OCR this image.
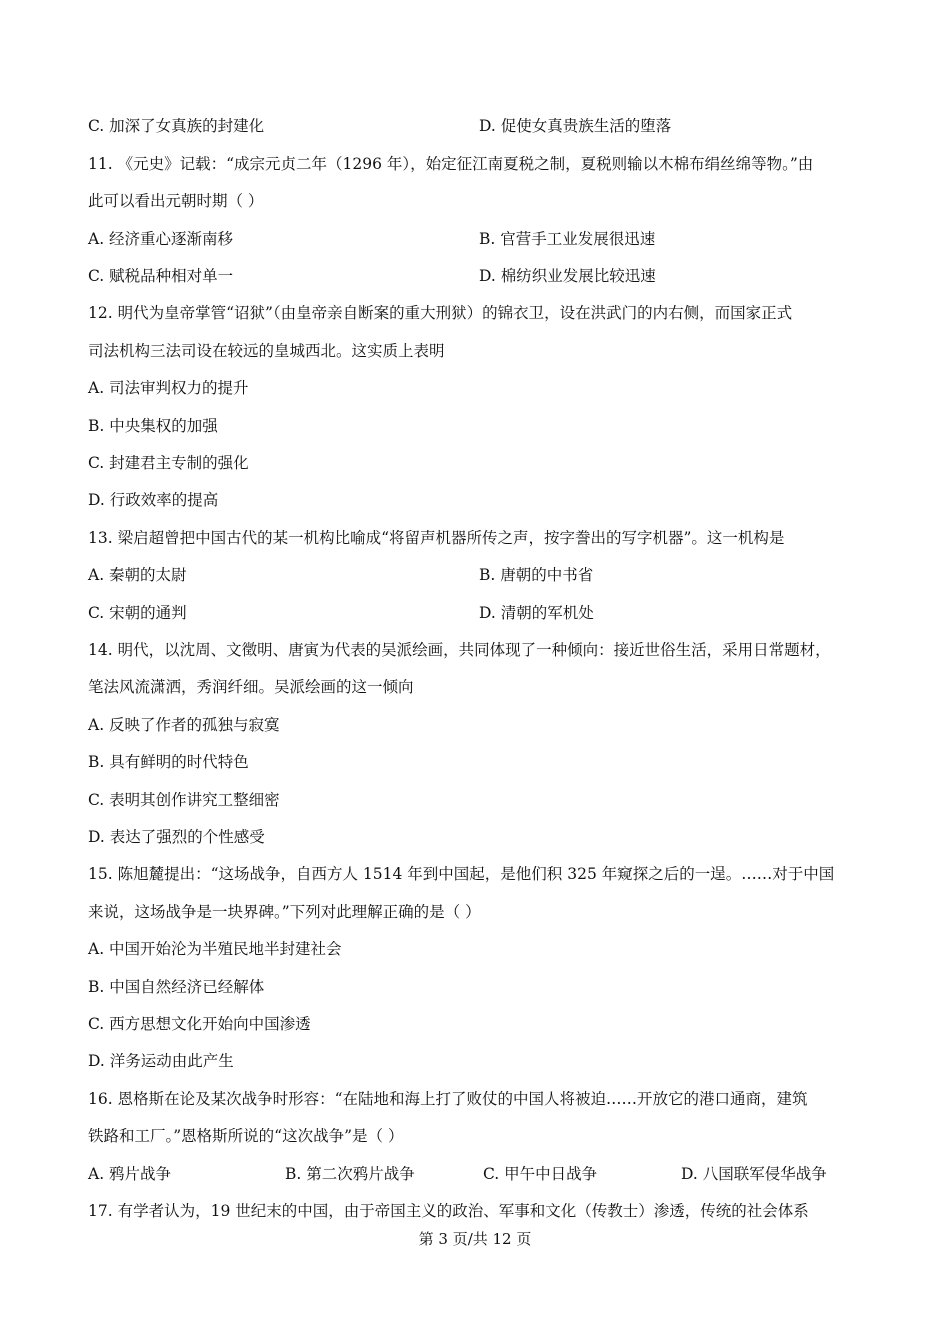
C. 加深了女真族的封建化	D. 促使女真贵族生活的堕落
11. 《元史》记载：“成宗元贞二年（1296 年），始定征江南夏税之制，夏税则输以木棉布绢丝绵等物。”由
此可以看出元朝时期（ ）
A. 经济重心逐渐南移	B. 官营手工业发展很迅速
C. 赋税品种相对单一	D. 棉纺织业发展比较迅速
12. 明代为皇帝掌管“诏狱”（由皇帝亲自断案的重大刑狱）的锦衣卫，设在洪武门的内右侧，而国家正式
司法机构三法司设在较远的皇城西北。这实质上表明
A. 司法审判权力的提升
B. 中央集权的加强
C. 封建君主专制的强化
D. 行政效率的提高
13. 梁启超曾把中国古代的某一机构比喻成“将留声机器所传之声，按字誊出的写字机器”。这一机构是
A. 秦朝的太尉	B. 唐朝的中书省
C. 宋朝的通判	D. 清朝的军机处
14. 明代，以沈周、文徵明、唐寅为代表的吴派绘画，共同体现了一种倾向：接近世俗生活，采用日常题材，
笔法风流潇洒，秀润纤细。吴派绘画的这一倾向
A. 反映了作者的孤独与寂寞
B. 具有鲜明的时代特色
C. 表明其创作讲究工整细密
D. 表达了强烈的个性感受
15. 陈旭麓提出：“这场战争，自西方人 1514 年到中国起，是他们积 325 年窥探之后的一逞。……对于中国
来说，这场战争是一块界碑。”下列对此理解正确的是（ ）
A. 中国开始沦为半殖民地半封建社会
B. 中国自然经济已经解体
C. 西方思想文化开始向中国渗透
D. 洋务运动由此产生
16. 恩格斯在论及某次战争时形容：“在陆地和海上打了败仗的中国人将被迫……开放它的港口通商，建筑
铁路和工厂。”恩格斯所说的“这次战争”是（ ）
A. 鸦片战争	B. 第二次鸦片战争	C. 甲午中日战争	D. 八国联军侵华战争
17. 有学者认为，19 世纪末的中国，由于帝国主义的政治、军事和文化（传教士）渗透，传统的社会体系
第 3 页/共 12 页
